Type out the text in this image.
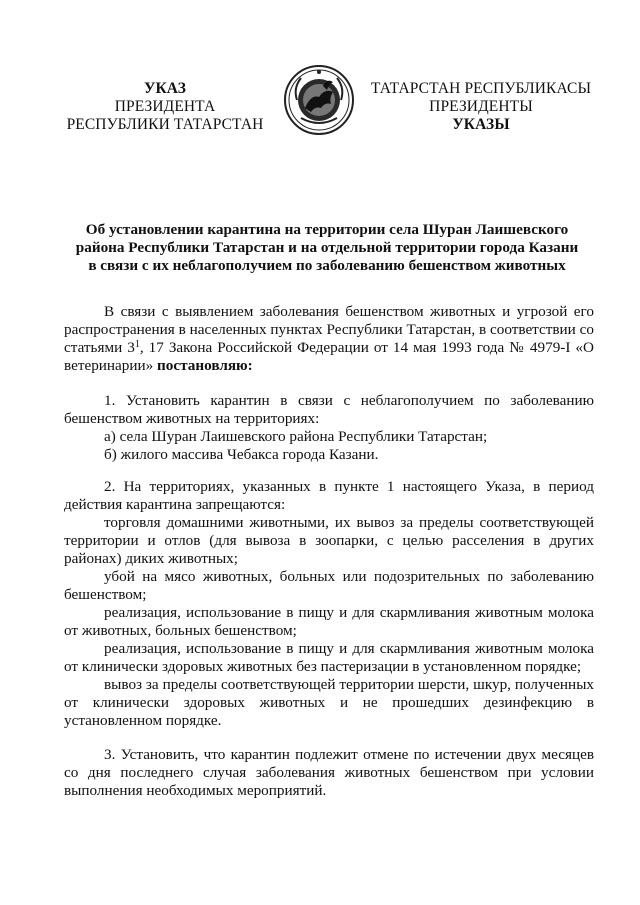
УКАЗ
ПРЕЗИДЕНТА
РЕСПУБЛИКИ ТАТАРСТАН
ТАТАРСТАН РЕСПУБЛИКАСЫ
ПРЕЗИДЕНТЫ
УКАЗЫ
Об установлении карантина на территории села Шуран Лаишевского
района Республики Татарстан и на отдельной территории города Казани
в связи с их неблагополучием по заболеванию бешенством животных

В связи с выявлением заболевания бешенством животных и угрозой его распространения в населенных пунктах Республики Татарстан, в соответствии со статьями $3^1$, 17 Закона Российской Федерации от 14 мая 1993 года № 4979-I «О ветеринарии» постановляю:

1. Установить карантин в связи с неблагополучием по заболеванию бешенством животных на территориях:

а) села Шуран Лаишевского района Республики Татарстан;

б) жилого массива Чебакса города Казани.

2. На территориях, указанных в пункте 1 настоящего Указа, в период действия карантина запрещаются:

торговля домашними животными, их вывоз за пределы соответствующей территории и отлов (для вывоза в зоопарки, с целью расселения в других районах) диких животных;

убой на мясо животных, больных или подозрительных по заболеванию бешенством;

реализация, использование в пищу и для скармливания животным молока от животных, больных бешенством;

реализация, использование в пищу и для скармливания животным молока от клинически здоровых животных без пастеризации в установленном порядке;

вывоз за пределы соответствующей территории шерсти, шкур, полученных от клинически здоровых животных и не прошедших дезинфекцию в установленном порядке.

3. Установить, что карантин подлежит отмене по истечении двух месяцев со дня последнего случая заболевания животных бешенством при условии выполнения необходимых мероприятий.
